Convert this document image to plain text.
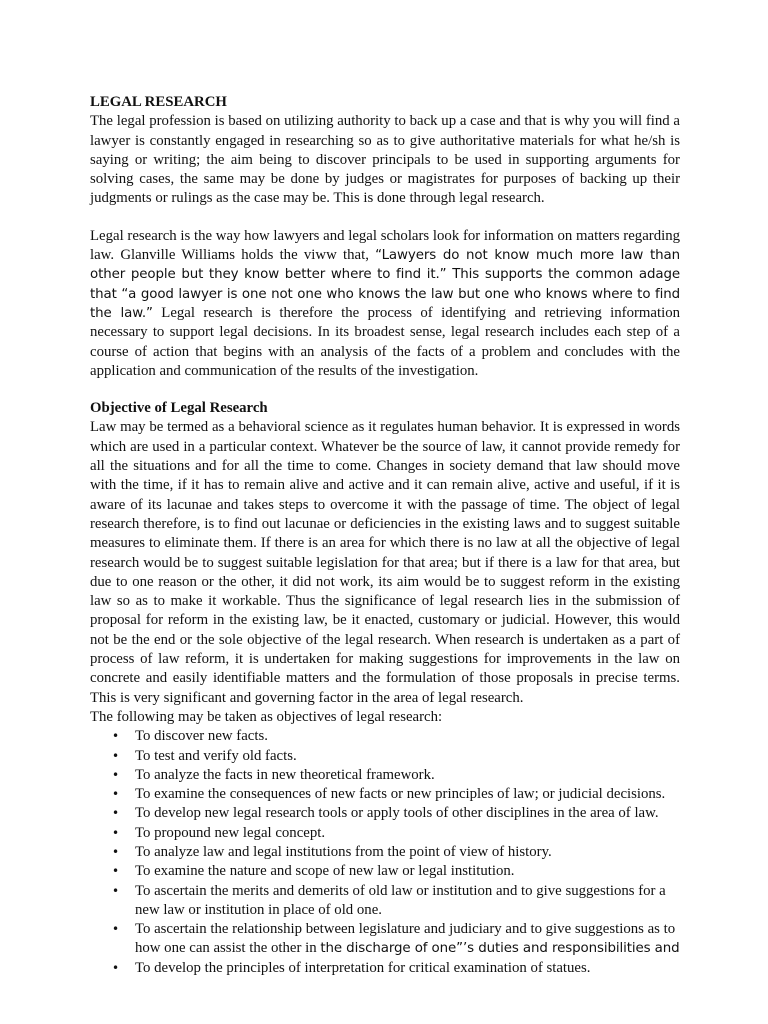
LEGAL RESEARCH

The legal profession is based on utilizing authority to back up a case and that is why you will find a lawyer is constantly engaged in researching so as to give authoritative materials for what he/sh is saying or writing; the aim being to discover principals to be used in supporting arguments for solving cases, the same may be done by judges or magistrates for purposes of backing up their judgments or rulings as the case may be. This is done through legal research.

Legal research is the way how lawyers and legal scholars look for information on matters regarding law. Glanville Williams holds the viww that, “Lawyers do not know much more law than other people but they know better where to find it.” This supports the common adage that “a good lawyer is one not one who knows the law but one who knows where to find the law.” Legal research is therefore the process of identifying and retrieving information necessary to support legal decisions. In its broadest sense, legal research includes each step of a course of action that begins with an analysis of the facts of a problem and concludes with the application and communication of the results of the investigation.

Objective of Legal Research

Law may be termed as a behavioral science as it regulates human behavior. It is expressed in words which are used in a particular context. Whatever be the source of law, it cannot provide remedy for all the situations and for all the time to come. Changes in society demand that law should move with the time, if it has to remain alive and active and it can remain alive, active and useful, if it is aware of its lacunae and takes steps to overcome it with the passage of time. The object of legal research therefore, is to find out lacunae or deficiencies in the existing laws and to suggest suitable measures to eliminate them. If there is an area for which there is no law at all the objective of legal research would be to suggest suitable legislation for that area; but if there is a law for that area, but due to one reason or the other, it did not work, its aim would be to suggest reform in the existing law so as to make it workable. Thus the significance of legal research lies in the submission of proposal for reform in the existing law, be it enacted, customary or judicial. However, this would not be the end or the sole objective of the legal research. When research is undertaken as a part of process of law reform, it is undertaken for making suggestions for improvements in the law on concrete and easily identifiable matters and the formulation of those proposals in precise terms. This is very significant and governing factor in the area of legal research.

The following may be taken as objectives of legal research:

• To discover new facts.
• To test and verify old facts.
• To analyze the facts in new theoretical framework.
• To examine the consequences of new facts or new principles of law; or judicial decisions.
• To develop new legal research tools or apply tools of other disciplines in the area of law.
• To propound new legal concept.
• To analyze law and legal institutions from the point of view of history.
• To examine the nature and scope of new law or legal institution.
• To ascertain the merits and demerits of old law or institution and to give suggestions for a new law or institution in place of old one.
• To ascertain the relationship between legislature and judiciary and to give suggestions as to how one can assist the other in the discharge of one”’s duties and responsibilities and
• To develop the principles of interpretation for critical examination of statues.
